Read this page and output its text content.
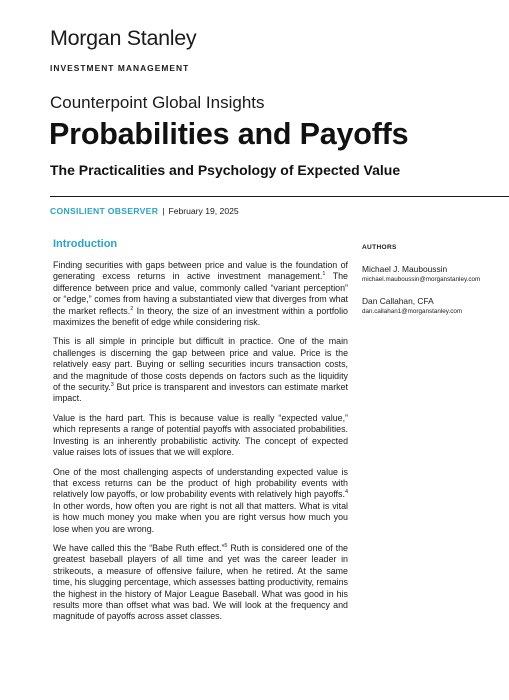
Morgan Stanley
INVESTMENT MANAGEMENT
Counterpoint Global Insights
Probabilities and Payoffs
The Practicalities and Psychology of Expected Value
CONSILIENT OBSERVER | February 19, 2025
Introduction

Finding securities with gaps between price and value is the foundation of generating excess returns in active investment management.$^1$ The difference between price and value, commonly called “variant perception” or “edge,” comes from having a substantiated view that diverges from what the market reflects.$^2$ In theory, the size of an investment within a portfolio maximizes the benefit of edge while considering risk.

This is all simple in principle but difficult in practice. One of the main challenges is discerning the gap between price and value. Price is the relatively easy part. Buying or selling securities incurs transaction costs, and the magnitude of those costs depends on factors such as the liquidity of the security.$^3$ But price is transparent and investors can estimate market impact.

Value is the hard part. This is because value is really “expected value,” which represents a range of potential payoffs with associated probabilities. Investing is an inherently probabilistic activity. The concept of expected value raises lots of issues that we will explore.

One of the most challenging aspects of understanding expected value is that excess returns can be the product of high probability events with relatively low payoffs, or low probability events with relatively high payoffs.$^4$ In other words, how often you are right is not all that matters. What is vital is how much money you make when you are right versus how much you lose when you are wrong.

We have called this the “Babe Ruth effect.”$^5$ Ruth is considered one of the greatest baseball players of all time and yet was the career leader in strikeouts, a measure of offensive failure, when he retired. At the same time, his slugging percentage, which assesses batting productivity, remains the highest in the history of Major League Baseball. What was good in his results more than offset what was bad. We will look at the frequency and magnitude of payoffs across asset classes.

AUTHORS
Michael J. Mauboussin
michael.mauboussin@morganstanley.com
Dan Callahan, CFA
dan.callahan1@morganstanley.com
